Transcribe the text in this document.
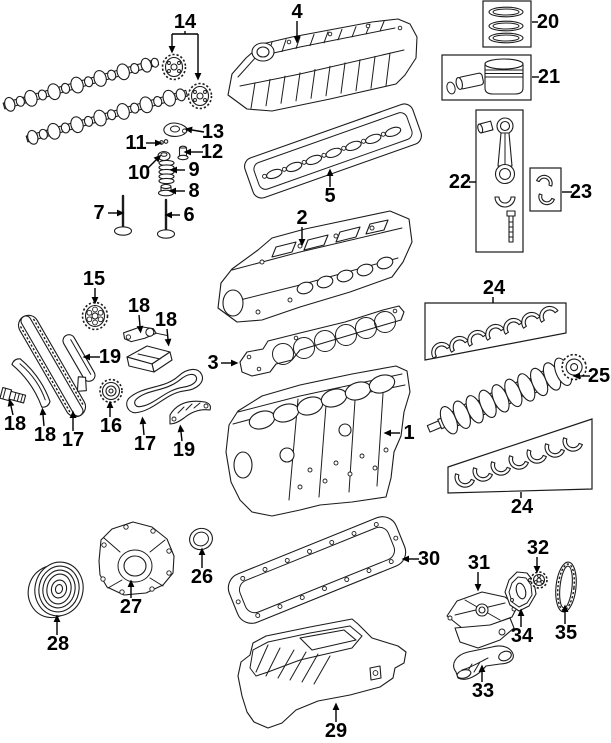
1
2
3
4
5
6
7
8
9
10
11	12
13
14
15
16
17 17
18 18
18
18
19
19
20
21
22	23
24
25
24
26
27
28
29
30 31
32
33
34 35
